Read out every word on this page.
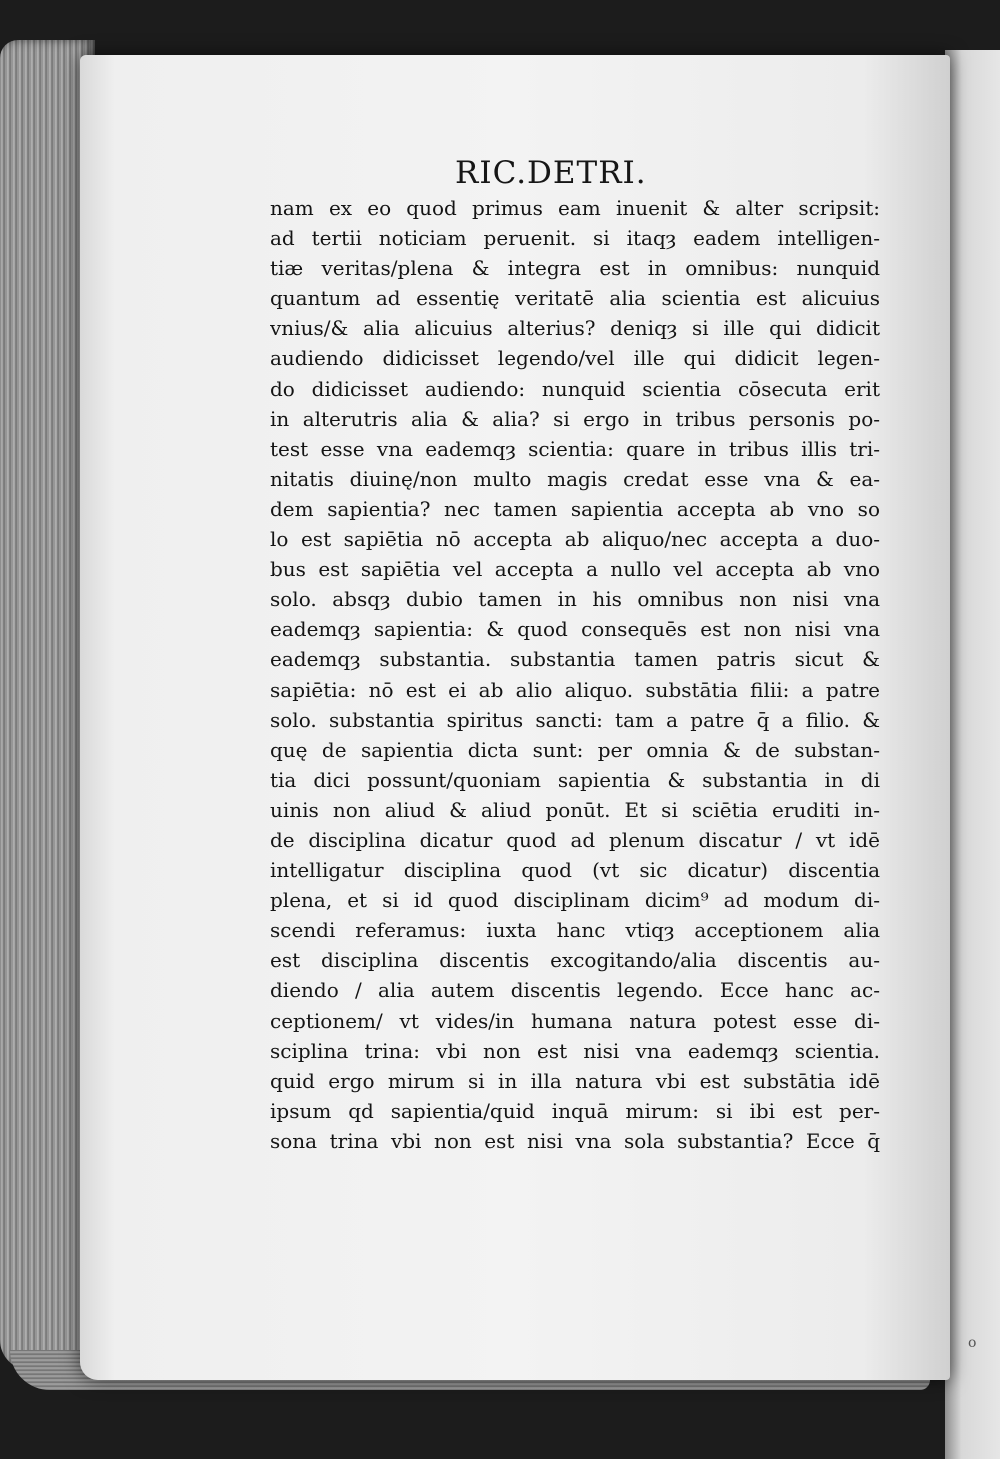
o
RIC.DETRI.
nam ex eo quod primus eam inuenit & alter scripsit:
ad tertii noticiam peruenit. si itaqȝ eadem intelligen-
tiæ veritas/plena & integra est in omnibus: nunquid
quantum ad essentię veritatē alia scientia est alicuius
vnius/& alia alicuius alterius? deniqȝ si ille qui didicit
audiendo didicisset legendo/vel ille qui didicit legen-
do didicisset audiendo: nunquid scientia cōsecuta erit
in alterutris alia & alia? si ergo in tribus personis po-
test esse vna eademqȝ scientia: quare in tribus illis tri-
nitatis diuinę/non multo magis credat esse vna & ea-
dem sapientia? nec tamen sapientia accepta ab vno so
lo est sapiētia nō accepta ab aliquo/nec accepta a duo-
bus est sapiētia vel accepta a nullo vel accepta ab vno
solo. absqȝ dubio tamen in his omnibus non nisi vna
eademqȝ sapientia: & quod consequēs est non nisi vna
eademqȝ substantia. substantia tamen patris sicut &
sapiētia: nō est ei ab alio aliquo. substātia filii: a patre
solo. substantia spiritus sancti: tam a patre q̄ a filio. &
quę de sapientia dicta sunt: per omnia & de substan-
tia dici possunt/quoniam sapientia & substantia in di
uinis non aliud & aliud ponūt. Et si sciētia eruditi in-
de disciplina dicatur quod ad plenum discatur / vt idē
intelligatur disciplina quod (vt sic dicatur) discentia
plena, et si id quod disciplinam dicim⁹ ad modum di-
scendi referamus: iuxta hanc vtiqȝ acceptionem alia
est disciplina discentis excogitando/alia discentis au-
diendo / alia autem discentis legendo. Ecce hanc ac-
ceptionem/ vt vides/in humana natura potest esse di-
sciplina trina: vbi non est nisi vna eademqȝ scientia.
quid ergo mirum si in illa natura vbi est substātia idē
ipsum qd sapientia/quid inquā mirum: si ibi est per-
sona trina vbi non est nisi vna sola substantia? Ecce q̄
